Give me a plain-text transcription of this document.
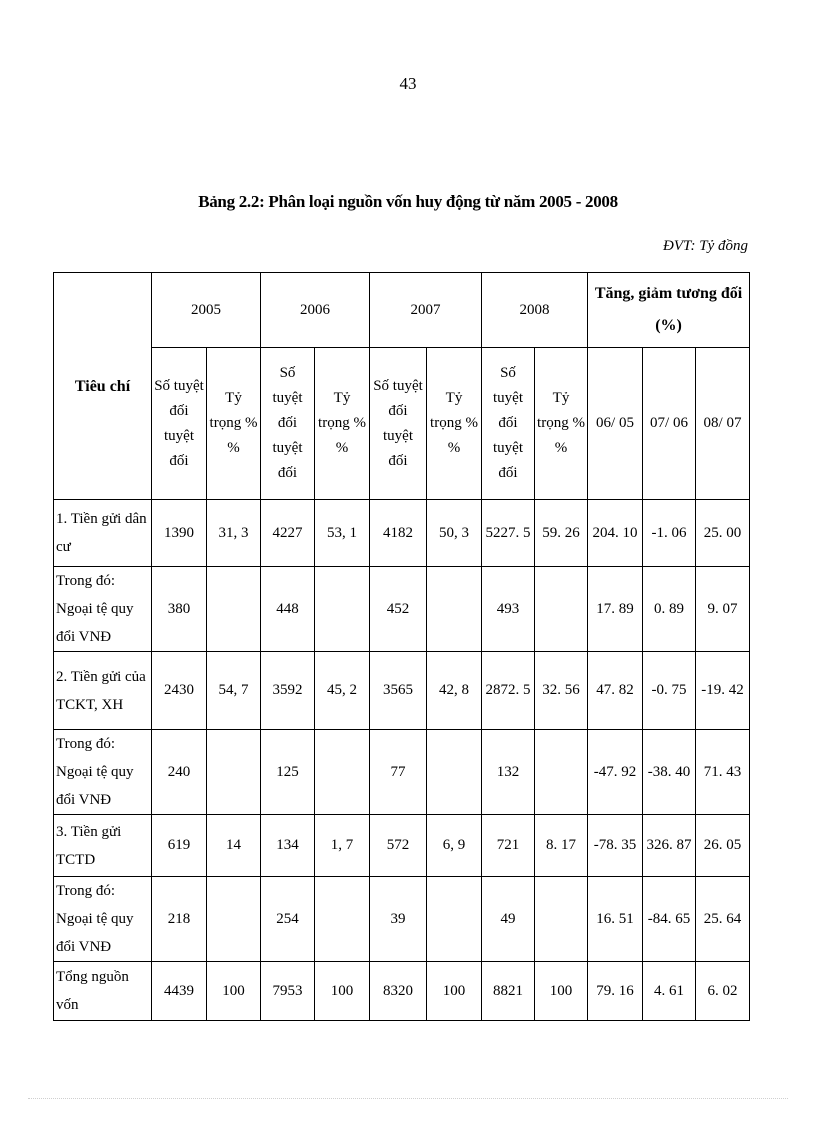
43
Bảng 2.2: Phân loại nguồn vốn huy động từ năm 2005 - 2008
ĐVT: Tỷ đồng
Tiêu chí	2005		2006		2007		2008		Tăng, giảm tương đối (%)		
	Số tuyệt đối tuyệt đối	Tỷ trọng % %	Số tuyệt đối tuyệt đối	Tỷ trọng % %	Số tuyệt đối tuyệt đối	Tỷ trọng % %	Số tuyệt đối tuyệt đối	Tỷ trọng % %	06/ 05	07/ 06	08/ 07
1. Tiền gửi dân cư	1390	31, 3	4227	53, 1	4182	50, 3	5227. 5	59. 26	204. 10	-1. 06	25. 00
Trong đó: Ngoại tệ quy đổi VNĐ	380		448		452		493		17. 89	0. 89	9. 07
2. Tiền gửi của TCKT, XH	2430	54, 7	3592	45, 2	3565	42, 8	2872. 5	32. 56	47. 82	-0. 75	-19. 42
Trong đó: Ngoại tệ quy đổi VNĐ	240		125		77		132		-47. 92	-38. 40	71. 43
3. Tiền gửi TCTD	619	14	134	1, 7	572	6, 9	721	8. 17	-78. 35	326. 87	26. 05
Trong đó: Ngoại tệ quy đổi VNĐ	218		254		39		49		16. 51	-84. 65	25. 64
Tổng nguồn vốn	4439	100	7953	100	8320	100	8821	100	79. 16	4. 61	6. 02
